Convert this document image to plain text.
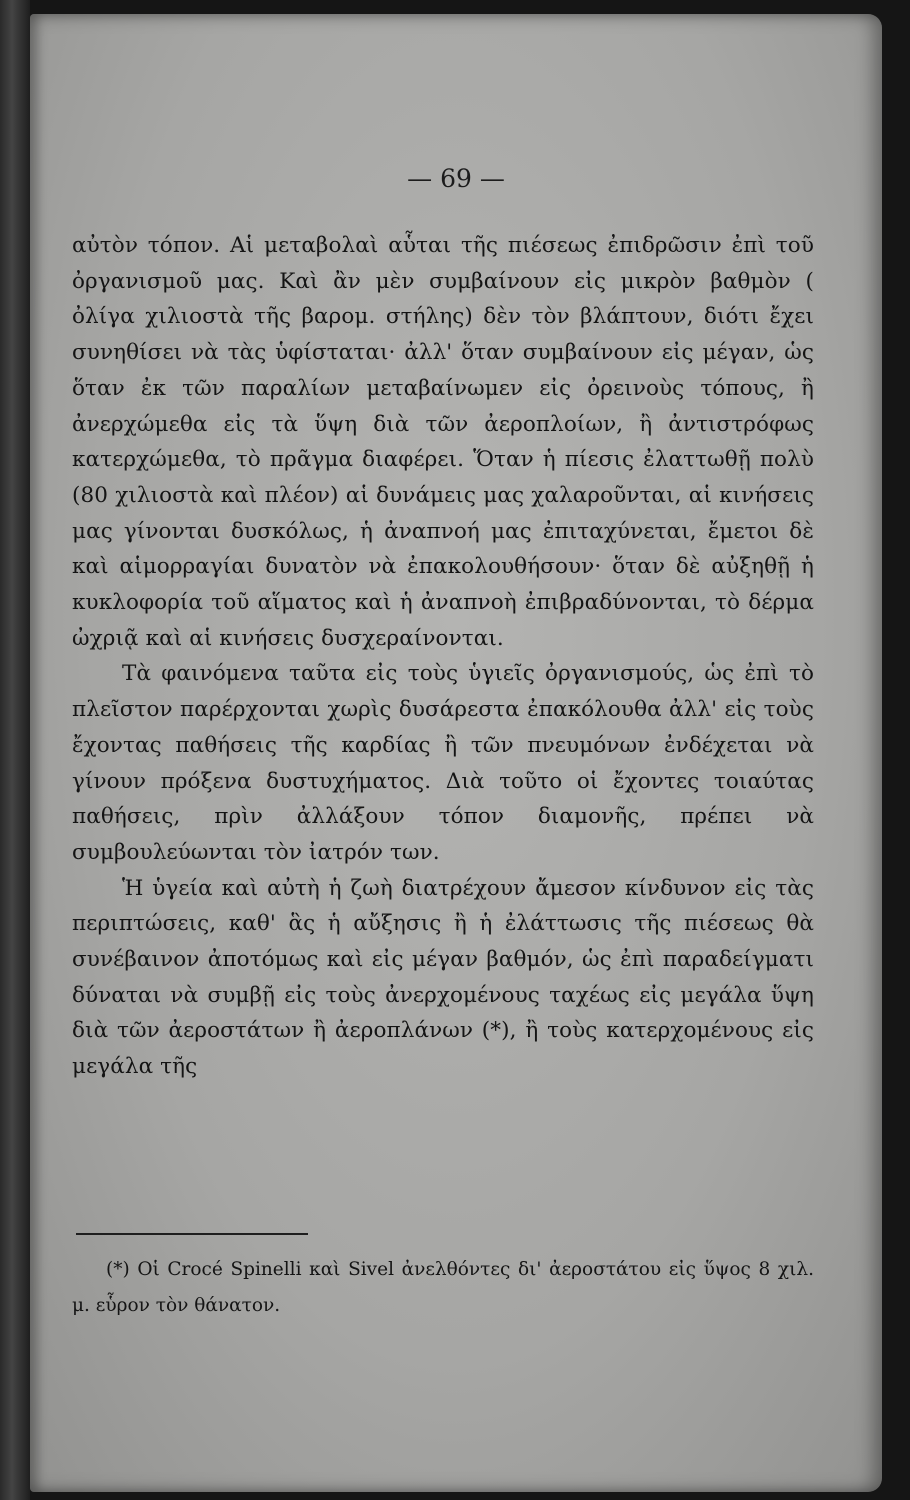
— 69 —

αὐτὸν τόπον. Αἱ μεταβολαὶ αὗται τῆς πιέσεως ἐπιδρῶσιν ἐπὶ τοῦ ὀργανισμοῦ μας. Καὶ ἂν μὲν συμβαίνουν εἰς μικρὸν βαθμὸν ( ὀλίγα χιλιοστὰ τῆς βαρομ. στήλης) δὲν τὸν βλάπτουν, διότι ἔχει συνηθίσει νὰ τὰς ὑφίσταται· ἀλλ' ὅταν συμβαίνουν εἰς μέγαν, ὡς ὅταν ἐκ τῶν παραλίων μεταβαίνωμεν εἰς ὀρεινοὺς τόπους, ἢ ἀνερχώμεθα εἰς τὰ ὕψη διὰ τῶν ἀεροπλοίων, ἢ ἀντιστρόφως κατερχώμεθα, τὸ πρᾶγμα διαφέρει. Ὅταν ἡ πίεσις ἐλαττωθῇ πολὺ (80 χιλιοστὰ καὶ πλέον) αἱ δυνάμεις μας χαλαροῦνται, αἱ κινήσεις μας γίνονται δυσκόλως, ἡ ἀναπνοή μας ἐπιταχύνεται, ἔμετοι δὲ καὶ αἱμορραγίαι δυνατὸν νὰ ἐπακολουθήσουν· ὅταν δὲ αὐξηθῇ ἡ κυκλοφορία τοῦ αἵματος καὶ ἡ ἀναπνοὴ ἐπιβραδύνονται, τὸ δέρμα ὠχριᾷ καὶ αἱ κινήσεις δυσχεραίνονται.

Τὰ φαινόμενα ταῦτα εἰς τοὺς ὑγιεῖς ὀργανισμούς, ὡς ἐπὶ τὸ πλεῖστον παρέρχονται χωρὶς δυσάρεστα ἐπακόλουθα ἀλλ' εἰς τοὺς ἔχοντας παθήσεις τῆς καρδίας ἢ τῶν πνευμόνων ἐνδέχεται νὰ γίνουν πρόξενα δυστυχήματος. Διὰ τοῦτο οἱ ἔχοντες τοιαύτας παθήσεις, πρὶν ἀλλάξουν τόπον διαμονῆς, πρέπει νὰ συμβουλεύωνται τὸν ἰατρόν των.

Ἡ ὑγεία καὶ αὐτὴ ἡ ζωὴ διατρέχουν ἄμεσον κίνδυνον εἰς τὰς περιπτώσεις, καθ' ἃς ἡ αὔξησις ἢ ἡ ἐλάττωσις τῆς πιέσεως θὰ συνέβαινον ἀποτόμως καὶ εἰς μέγαν βαθμόν, ὡς ἐπὶ παραδείγματι δύναται νὰ συμβῇ εἰς τοὺς ἀνερχομένους ταχέως εἰς μεγάλα ὕψη διὰ τῶν ἀεροστάτων ἢ ἀεροπλάνων (*), ἢ τοὺς κατερχομένους εἰς μεγάλα τῆς

(*) Οἱ Crocé Spinelli καὶ Sivel ἀνελθόντες δι' ἀεροστάτου εἰς ὕψος 8 χιλ. μ. εὗρον τὸν θάνατον.
